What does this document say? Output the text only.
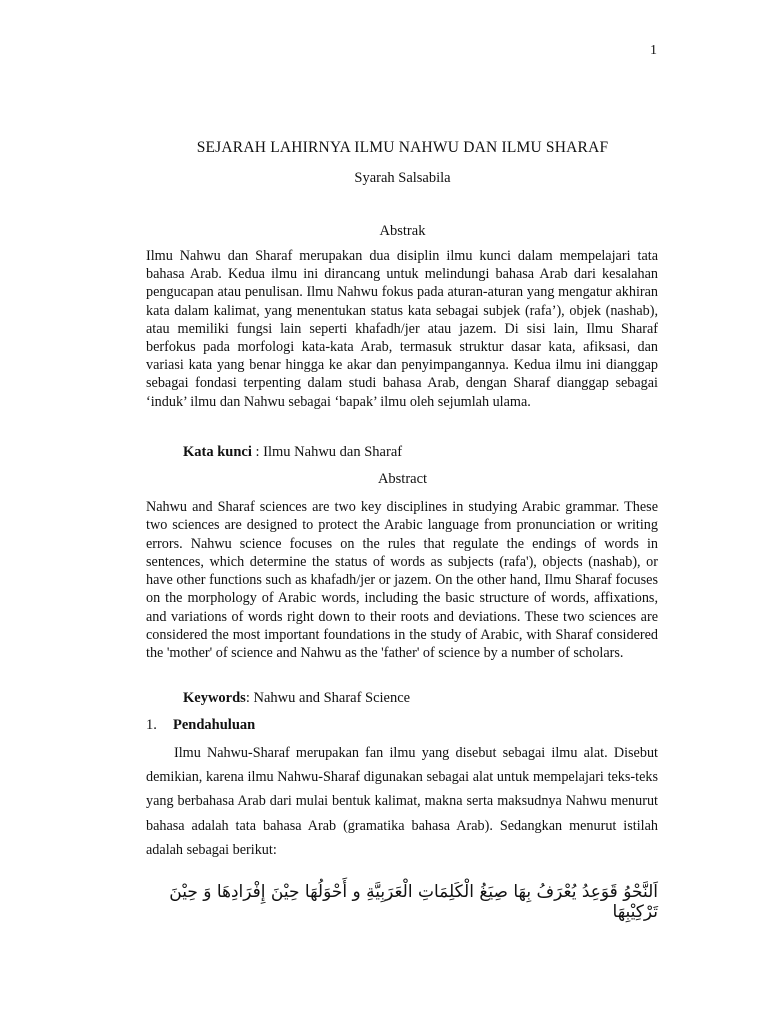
1
SEJARAH LAHIRNYA ILMU NAHWU DAN ILMU SHARAF
Syarah Salsabila
Abstrak

Ilmu Nahwu dan Sharaf merupakan dua disiplin ilmu kunci dalam mempelajari tata bahasa Arab. Kedua ilmu ini dirancang untuk melindungi bahasa Arab dari kesalahan pengucapan atau penulisan. Ilmu Nahwu fokus pada aturan-aturan yang mengatur akhiran kata dalam kalimat, yang menentukan status kata sebagai subjek (rafa’), objek (nashab), atau memiliki fungsi lain seperti khafadh/jer atau jazem. Di sisi lain, Ilmu Sharaf berfokus pada morfologi kata-kata Arab, termasuk struktur dasar kata, afiksasi, dan variasi kata yang benar hingga ke akar dan penyimpangannya. Kedua ilmu ini dianggap sebagai fondasi terpenting dalam studi bahasa Arab, dengan Sharaf dianggap sebagai ‘induk’ ilmu dan Nahwu sebagai ‘bapak’ ilmu oleh sejumlah ulama.

Kata kunci : Ilmu Nahwu dan Sharaf
Abstract

Nahwu and Sharaf sciences are two key disciplines in studying Arabic grammar. These two sciences are designed to protect the Arabic language from pronunciation or writing errors. Nahwu science focuses on the rules that regulate the endings of words in sentences, which determine the status of words as subjects (rafa'), objects (nashab), or have other functions such as khafadh/jer or jazem. On the other hand, Ilmu Sharaf focuses on the morphology of Arabic words, including the basic structure of words, affixations, and variations of words right down to their roots and deviations. These two sciences are considered the most important foundations in the study of Arabic, with Sharaf considered the 'mother' of science and Nahwu as the 'father' of science by a number of scholars.

Keywords: Nahwu and Sharaf Science
1. Pendahuluan

Ilmu Nahwu-Sharaf merupakan fan ilmu yang disebut sebagai ilmu alat. Disebut demikian, karena ilmu Nahwu-Sharaf digunakan sebagai alat untuk mempelajari teks-teks yang berbahasa Arab dari mulai bentuk kalimat, makna serta maksudnya Nahwu menurut bahasa adalah tata bahasa Arab (gramatika bahasa Arab). Sedangkan menurut istilah adalah sebagai berikut:

اَلنَّحْوُ قَوَعِدُ يُعْرَفُ بِهَا صِيَغُ الْكَلِمَاتِ الْعَرَبِيَّةِ و أَحْوَلُهَا حِيْنَ إِفْرَادِهَا وَ حِيْنَ تَرْكِيْبِهَا
